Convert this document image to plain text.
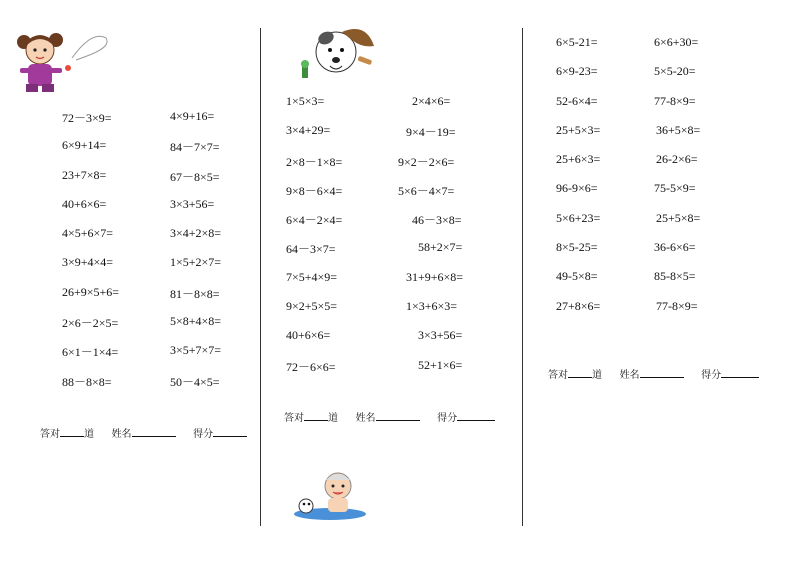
72－3×9=	4×9+16=
6×9+14=	84－7×7=
23+7×8=	67－8×5=
40+6×6=	3×3+56=
4×5+6×7=	3×4+2×8=
3×9+4×4=	1×5+2×7=
26+9×5+6=	81－8×8=
2×6－2×5=	5×8+4×8=
6×1－1×4=	3×5+7×7=
88－8×8=	50－4×5=
1×5×3=	2×4×6=
3×4+29=	9×4－19=
2×8－1×8=	9×2－2×6=
9×8－6×4=	5×6－4×7=
6×4－2×4=	46－3×8=
64－3×7=	58+2×7=
7×5+4×9=	31+9+6×8=
9×2+5×5=	1×3+6×3=
40+6×6=	3×3+56=
72－6×6=	52+1×6=
6×5-21=	6×6+30=
6×9-23=	5×5-20=
52-6×4=	77-8×9=
25+5×3=	36+5×8=
25+6×3=	26-2×6=
96-9×6=	75-5×9=
5×6+23=	25+5×8=
8×5-25=	36-6×6=
49-5×8=	85-8×5=
27+8×6=	77-8×9=
答对 道 姓名	得分
答对 道 姓名	得分
答对 道 姓名	得分
